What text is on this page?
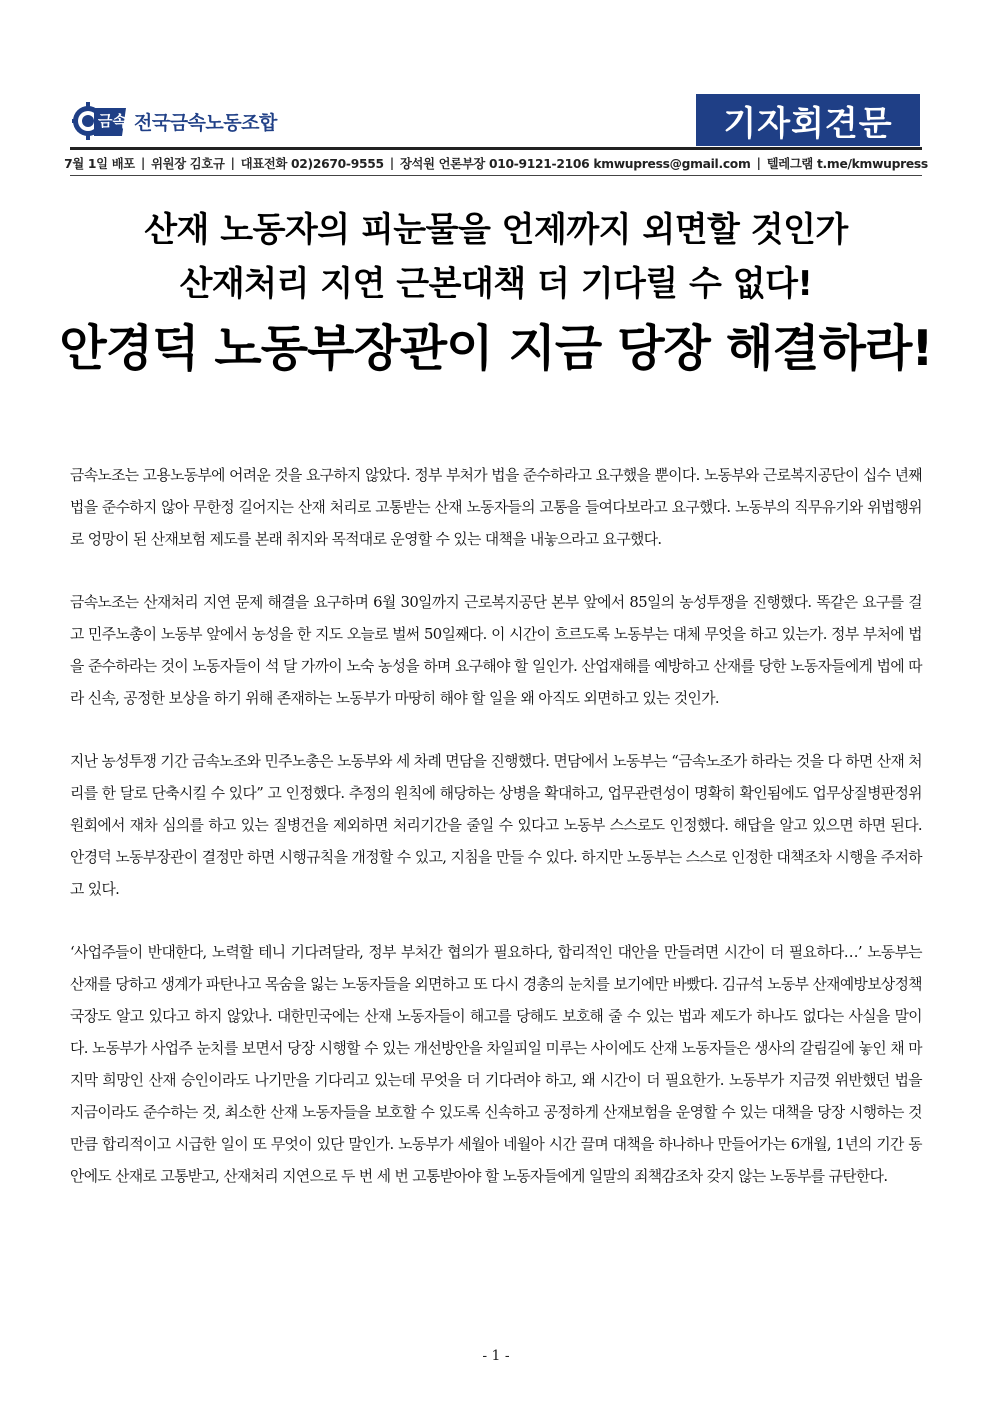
금속 전국금속노동조합	기자회견문
7월 1일 배포 | 위원장 김호규 | 대표전화 02)2670-9555 | 장석원 언론부장 010-9121-2106 kmwupress@gmail.com | 텔레그램 t.me/kmwupress
산재 노동자의 피눈물을 언제까지 외면할 것인가
산재처리 지연 근본대책 더 기다릴 수 없다!
안경덕 노동부장관이 지금 당장 해결하라!

금속노조는 고용노동부에 어려운 것을 요구하지 않았다. 정부 부처가 법을 준수하라고 요구했을 뿐이다. 노동부와 근로복지공단이 십수 년째 법을 준수하지 않아 무한정 길어지는 산재 처리로 고통받는 산재 노동자들의 고통을 들여다보라고 요구했다. 노동부의 직무유기와 위법행위로 엉망이 된 산재보험 제도를 본래 취지와 목적대로 운영할 수 있는 대책을 내놓으라고 요구했다.

금속노조는 산재처리 지연 문제 해결을 요구하며 6월 30일까지 근로복지공단 본부 앞에서 85일의 농성투쟁을 진행했다. 똑같은 요구를 걸고 민주노총이 노동부 앞에서 농성을 한 지도 오늘로 벌써 50일째다. 이 시간이 흐르도록 노동부는 대체 무엇을 하고 있는가. 정부 부처에 법을 준수하라는 것이 노동자들이 석 달 가까이 노숙 농성을 하며 요구해야 할 일인가. 산업재해를 예방하고 산재를 당한 노동자들에게 법에 따라 신속, 공정한 보상을 하기 위해 존재하는 노동부가 마땅히 해야 할 일을 왜 아직도 외면하고 있는 것인가.

지난 농성투쟁 기간 금속노조와 민주노총은 노동부와 세 차례 면담을 진행했다. 면담에서 노동부는 “금속노조가 하라는 것을 다 하면 산재 처리를 한 달로 단축시킬 수 있다” 고 인정했다. 추정의 원칙에 해당하는 상병을 확대하고, 업무관련성이 명확히 확인됨에도 업무상질병판정위원회에서 재차 심의를 하고 있는 질병건을 제외하면 처리기간을 줄일 수 있다고 노동부 스스로도 인정했다. 해답을 알고 있으면 하면 된다. 안경덕 노동부장관이 결정만 하면 시행규칙을 개정할 수 있고, 지침을 만들 수 있다. 하지만 노동부는 스스로 인정한 대책조차 시행을 주저하고 있다.

‘사업주들이 반대한다, 노력할 테니 기다려달라, 정부 부처간 협의가 필요하다, 합리적인 대안을 만들려면 시간이 더 필요하다…’ 노동부는 산재를 당하고 생계가 파탄나고 목숨을 잃는 노동자들을 외면하고 또 다시 경총의 눈치를 보기에만 바빴다. 김규석 노동부 산재예방보상정책국장도 알고 있다고 하지 않았나. 대한민국에는 산재 노동자들이 해고를 당해도 보호해 줄 수 있는 법과 제도가 하나도 없다는 사실을 말이다. 노동부가 사업주 눈치를 보면서 당장 시행할 수 있는 개선방안을 차일피일 미루는 사이에도 산재 노동자들은 생사의 갈림길에 놓인 채 마지막 희망인 산재 승인이라도 나기만을 기다리고 있는데 무엇을 더 기다려야 하고, 왜 시간이 더 필요한가. 노동부가 지금껏 위반했던 법을 지금이라도 준수하는 것, 최소한 산재 노동자들을 보호할 수 있도록 신속하고 공정하게 산재보험을 운영할 수 있는 대책을 당장 시행하는 것 만큼 합리적이고 시급한 일이 또 무엇이 있단 말인가. 노동부가 세월아 네월아 시간 끌며 대책을 하나하나 만들어가는 6개월, 1년의 기간 동안에도 산재로 고통받고, 산재처리 지연으로 두 번 세 번 고통받아야 할 노동자들에게 일말의 죄책감조차 갖지 않는 노동부를 규탄한다.

- 1 -
